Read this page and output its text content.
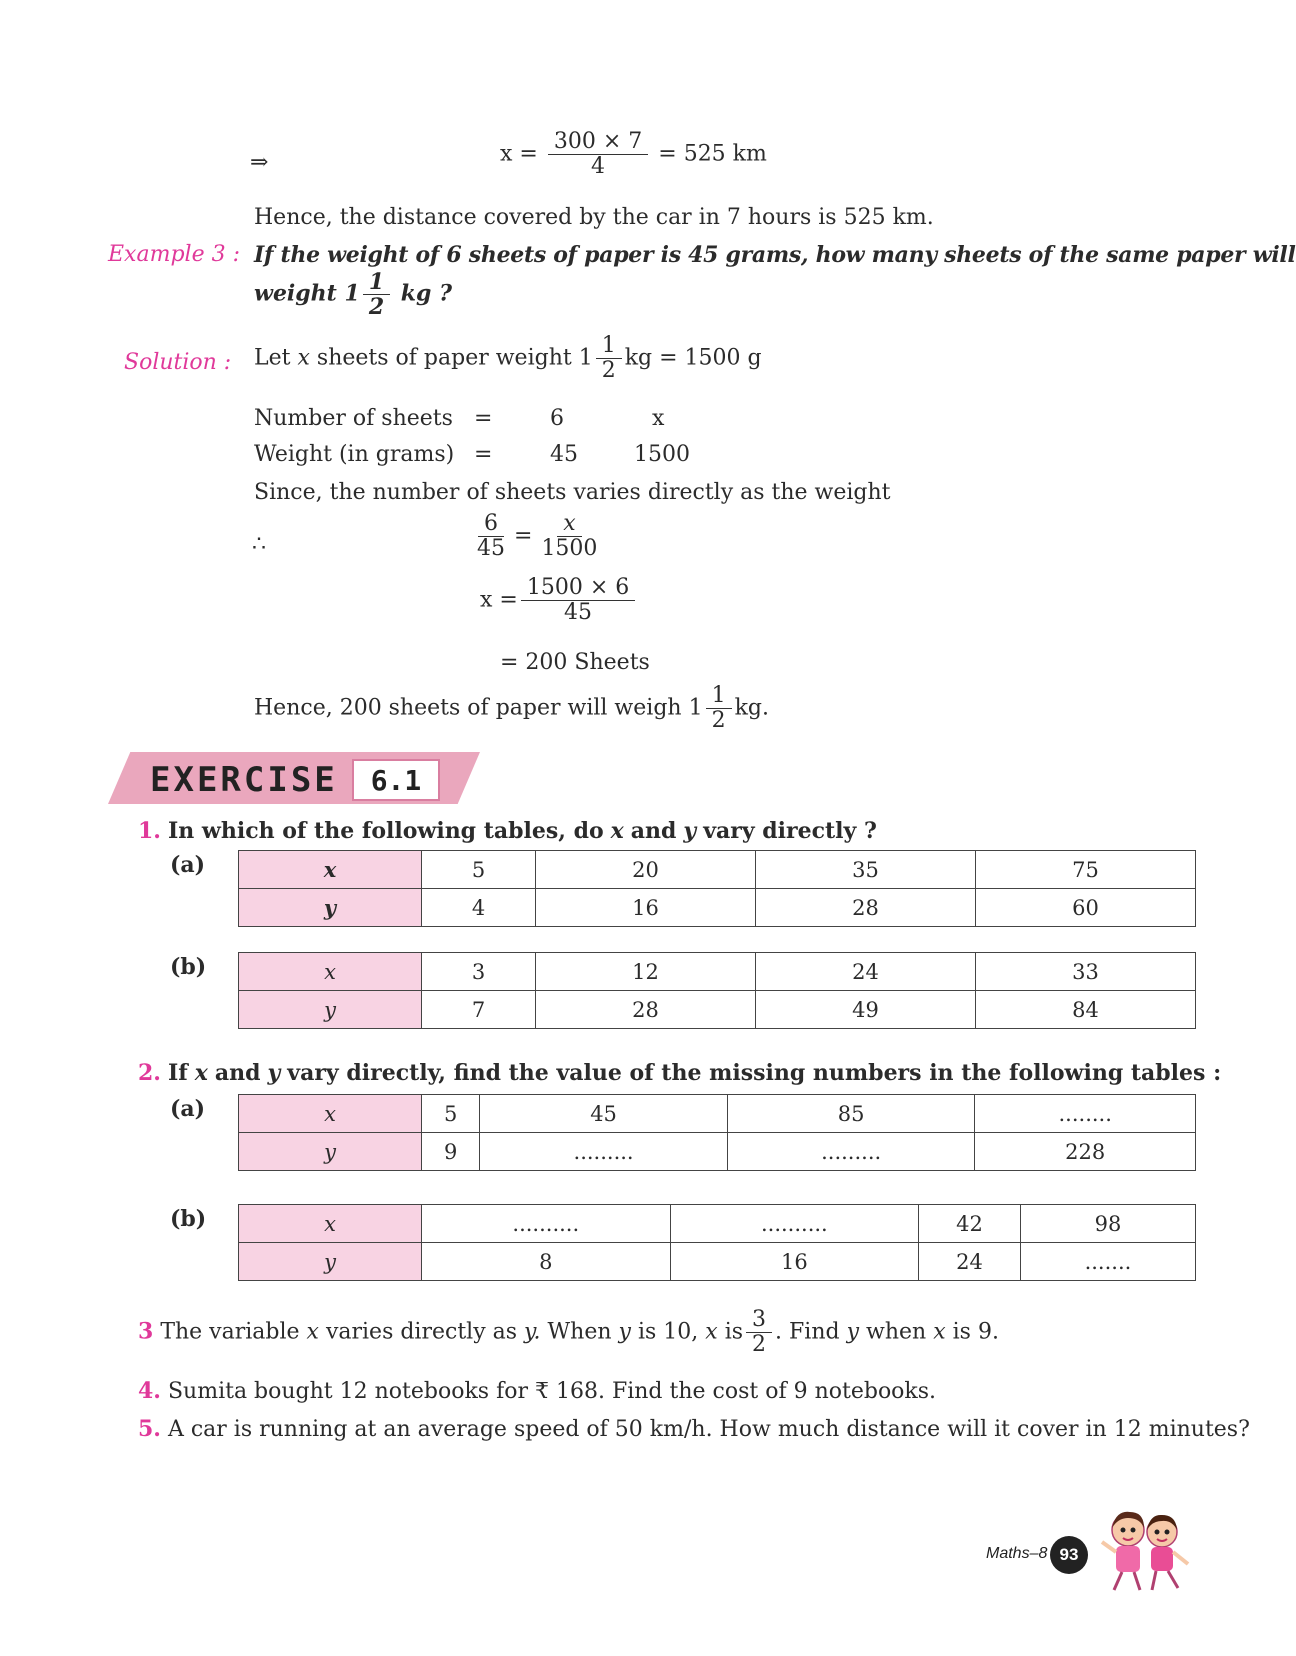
⇒	$x = \frac{300 \times 7}{4} = 525$ km
Hence, the distance covered by the car in 7 hours is 525 km.
Example 3 : If the weight of 6 sheets of paper is 45 grams, how many sheets of the same paper will
weight $1 \frac{1}{2}$ kg ?
Solution : Let x sheets of paper weight $1 \frac{1}{2}$ kg = 1500 g
Number of sheets =	6	x
Weight (in grams) =	45	1500
Since, the number of sheets varies directly as the weight
∴	$\frac{6}{45} = \frac{x}{1500}$
$x = \frac{1500 \times 6}{45}$
= 200 Sheets
Hence, 200 sheets of paper will weigh $1 \frac{1}{2}$ kg.
EXERCISE	6.1
1. In which of the following tables, do x and y vary directly ?
(a)	x	5	20	35	75
y	4	16	28	60
(b)	x	3	12	24	33
y	7	28	49	84
2. If x and y vary directly, find the value of the missing numbers in the following tables :
(a)	x	5	45	85	........
y	9	.........	.........	228
(b)	x	..........	..........	42	98
y	8	16	24	.......
3 The variable x varies directly as y. When y is 10, x is $\frac{3}{2}$ . Find y when x is 9.
4. Sumita bought 12 notebooks for ₹ 168. Find the cost of 9 notebooks.
5. A car is running at an average speed of 50 km/h. How much distance will it cover in 12 minutes?
Maths–8 93
